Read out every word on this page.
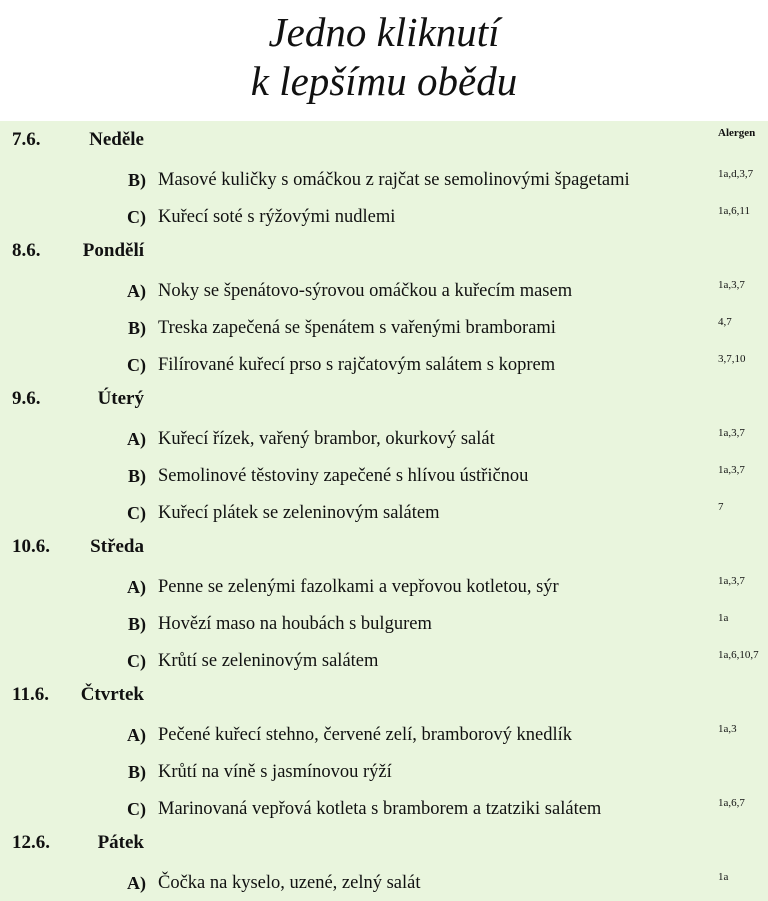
Jedno kliknutí
k lepšímu obědu
7.6.	Neděle	Alergen
B) Masové kuličky s omáčkou z rajčat se semolinovými špagetami	1a,d,3,7
C) Kuřecí soté s rýžovými nudlemi	1a,6,11
8.6. Pondělí
A) Noky se špenátovo-sýrovou omáčkou a kuřecím masem	1a,3,7
B) Treska zapečená se špenátem s vařenými bramborami	4,7
C) Filírované kuřecí prso s rajčatovým salátem s koprem	3,7,10
9.6.	Úterý
A) Kuřecí řízek, vařený brambor, okurkový salát	1a,3,7
B) Semolinové těstoviny zapečené s hlívou ústřičnou	1a,3,7
C) Kuřecí plátek se zeleninovým salátem	7
10.6. Středa
A) Penne se zelenými fazolkami a vepřovou kotletou, sýr	1a,3,7
B) Hovězí maso na houbách s bulgurem	1a
C) Krůtí se zeleninovým salátem	1a,6,10,7
11.6. Čtvrtek
A) Pečené kuřecí stehno, červené zelí, bramborový knedlík	1a,3
B) Krůtí na víně s jasmínovou rýží
C) Marinovaná vepřová kotleta s bramborem a tzatziki salátem	1a,6,7
12.6.	Pátek
A) Čočka na kyselo, uzené, zelný salát	1a
